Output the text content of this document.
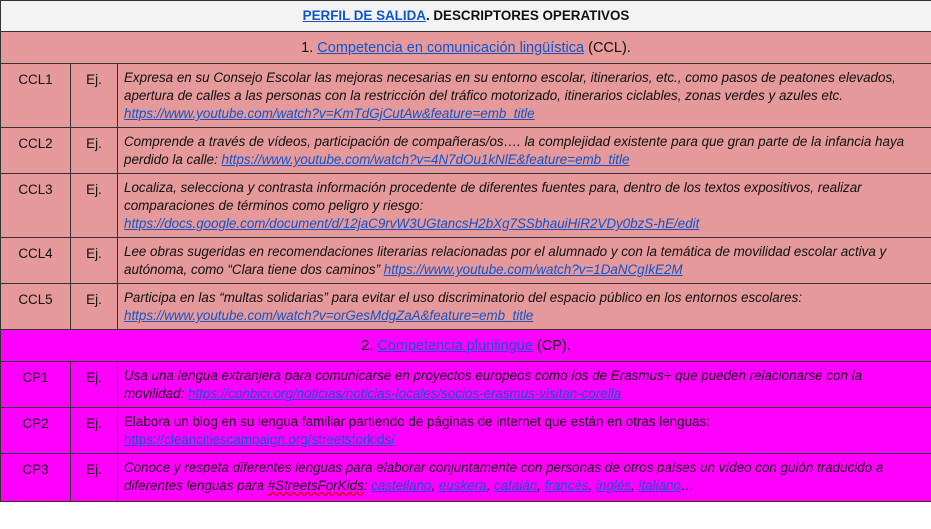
PERFIL DE SALIDA. DESCRIPTORES OPERATIVOS		
1. Competencia en comunicación lingüística (CCL).		
CCL1	Ej.	Expresa en su Consejo Escolar las mejoras necesarias en su entorno escolar, itinerarios, etc., como pasos de peatones elevados, apertura de calles a las personas con la restricción del tráfico motorizado, itinerarios ciclables, zonas verdes y azules etc. https://www.youtube.com/watch?v=KmTdGjCutAw&feature=emb_title
CCL2	Ej.	Comprende a través de vídeos, participación de compañeras/os…. la complejidad existente para que gran parte de la infancia haya perdido la calle: https://www.youtube.com/watch?v=4N7dOu1kNlE&feature=emb_title
CCL3	Ej.	Localiza, selecciona y contrasta información procedente de diferentes fuentes para, dentro de los textos expositivos, realizar comparaciones de términos como peligro y riesgo: https://docs.google.com/document/d/12jaC9rvW3UGtancsH2bXg7SSbhauiHiR2VDy0bzS-hE/edit
CCL4	Ej.	Lee obras sugeridas en recomendaciones literarias relacionadas por el alumnado y con la temática de movilidad escolar activa y autónoma, como “Clara tiene dos caminos” https://www.youtube.com/watch?v=1DaNCgIkE2M
CCL5	Ej.	Participa en las “multas solidarias” para evitar el uso discriminatorio del espacio público en los entornos escolares: https://www.youtube.com/watch?v=orGesMdgZaA&feature=emb_title
2. Competencia plurilingüe (CP).		
CP1	Ej.	Usa una lengua extranjera para comunicarse en proyectos europeos como los de Erasmus+ que pueden relacionarse con la movilidad: https://conbici.org/noticias/noticias-locales/socios-erasmus-visitan-corella
CP2	Ej.	Elabora un blog en su lengua familiar partiendo de páginas de internet que están en otras lenguas: https://cleancitiescampaign.org/streetsforkids/
CP3	Ej.	Conoce y respeta diferentes lenguas para elaborar conjuntamente con personas de otros países un vídeo con guión traducido a diferentes lenguas para #StreetsForKids: castellano, euskera, catalán, francés, inglés, italiano…
